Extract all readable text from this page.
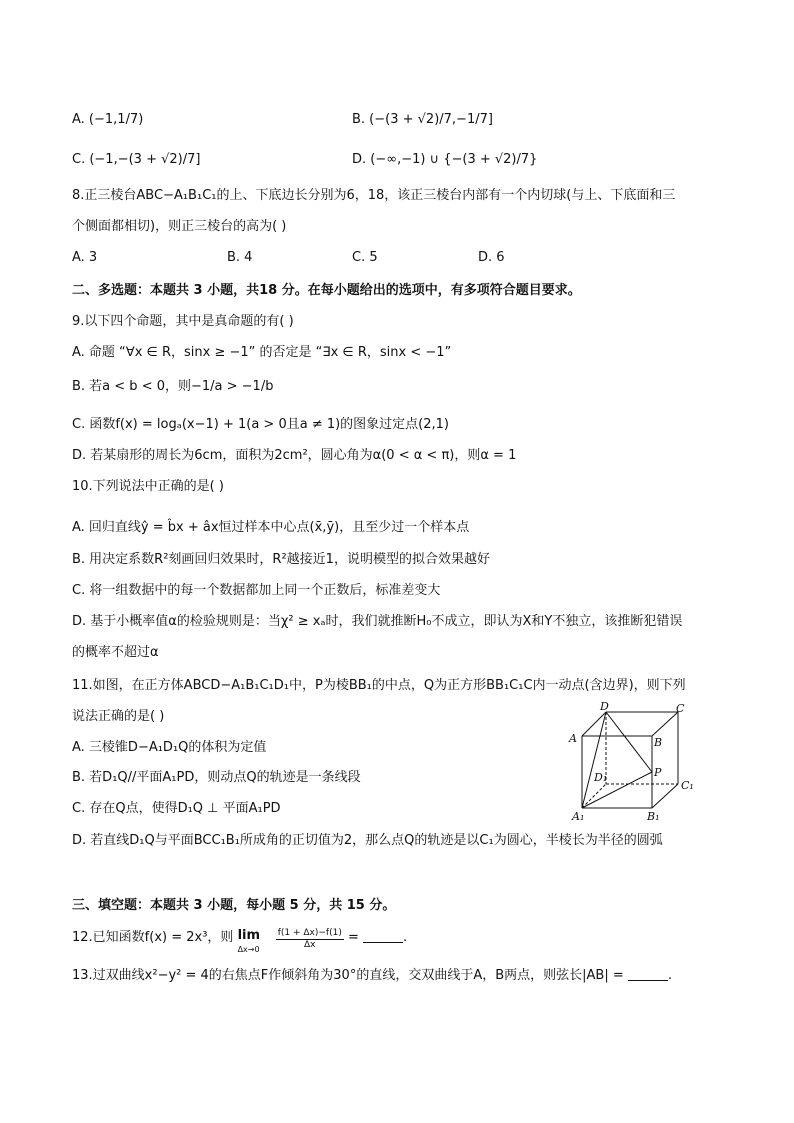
A. (−1,1/7)	B. (−(3 + √2)/7,−1/7]
C. (−1,−(3 + √2)/7]	D. (−∞,−1) ∪ {−(3 + √2)/7}
8.正三棱台ABC−A₁B₁C₁的上、下底边长分别为6，18，该正三棱台内部有一个内切球(与上、下底面和三
个侧面都相切)，则正三棱台的高为( )
A. 3	B. 4	C. 5	D. 6
二、多选题：本题共 3 小题，共18 分。在每小题给出的选项中，有多项符合题目要求。
9.以下四个命题，其中是真命题的有( )
A. 命题 “∀x ∈ R，sinx ≥ −1” 的否定是 “∃x ∈ R，sinx < −1”
B. 若a < b < 0，则−1/a > −1/b
C. 函数f(x) = logₐ(x−1) + 1(a > 0且a ≠ 1)的图象过定点(2,1)
D. 若某扇形的周长为6cm，面积为2cm²，圆心角为α(0 < α < π)，则α = 1
10.下列说法中正确的是( )
A. 回归直线ŷ = b̂x + âx恒过样本中心点(x̄,ȳ)，且至少过一个样本点
B. 用决定系数R²刻画回归效果时，R²越接近1，说明模型的拟合效果越好
C. 将一组数据中的每一个数据都加上同一个正数后，标准差变大
D. 基于小概率值α的检验规则是：当χ² ≥ xₐ时，我们就推断H₀不成立，即认为X和Y不独立，该推断犯错误
的概率不超过α
11.如图，在正方体ABCD−A₁B₁C₁D₁中，P为棱BB₁的中点，Q为正方形BB₁C₁C内一动点(含边界)，则下列
说法正确的是( )
A. 三棱锥D−A₁D₁Q的体积为定值
B. 若D₁Q//平面A₁PD，则动点Q的轨迹是一条线段
C. 存在Q点，使得D₁Q ⊥ 平面A₁PD
D. 若直线D₁Q与平面BCC₁B₁所成角的正切值为2，那么点Q的轨迹是以C₁为圆心，半棱长为半径的圆弧
D	C
A	B
D₁	P
C₁
A₁	B₁
三、填空题：本题共 3 小题，每小题 5 分，共 15 分。
12.已知函数f(x) = 2x³，则 lim
Δx→0
$\frac{f(1 + \Delta x)-f(1)}{\Delta x}$ =	.
13.过双曲线x²−y² = 4的右焦点F作倾斜角为30°的直线，交双曲线于A，B两点，则弦长|AB| =	.
